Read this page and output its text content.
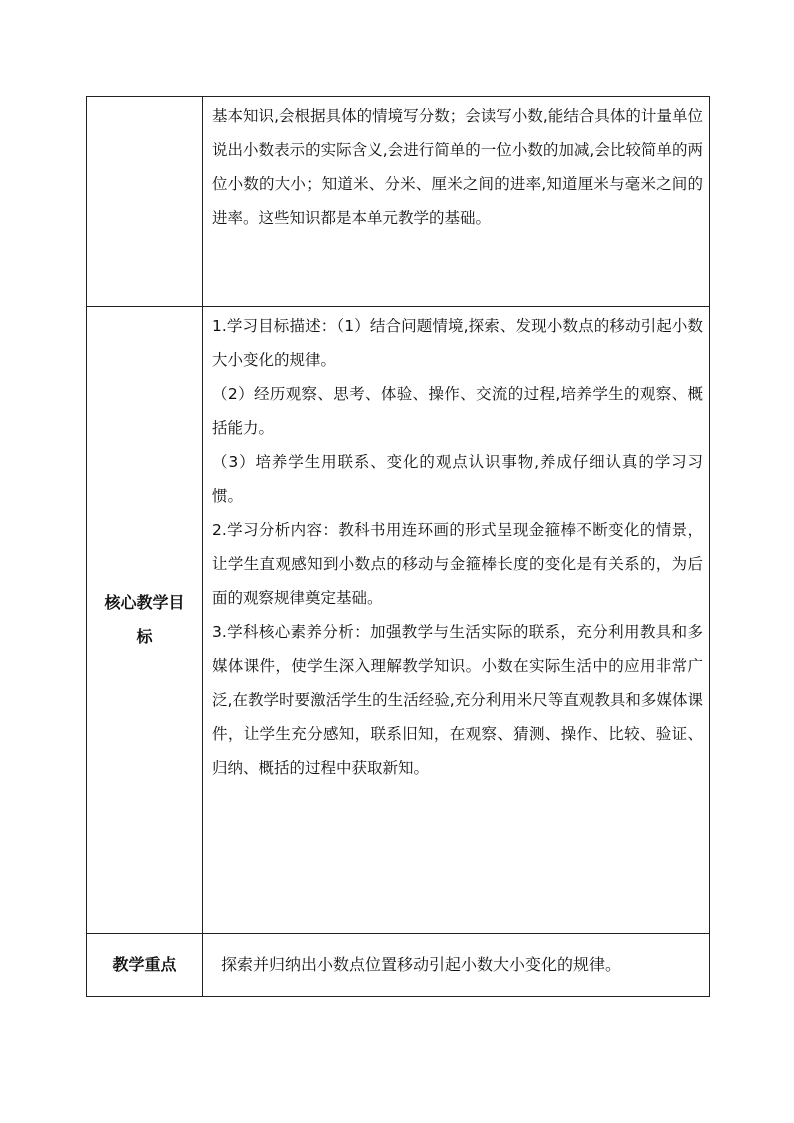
	基本知识,会根据具体的情境写分数；会读写小数,能结合具体的计量单位说出小数表示的实际含义,会进行简单的一位小数的加减,会比较简单的两位小数的大小；知道米、分米、厘米之间的进率,知道厘米与毫米之间的进率。这些知识都是本单元教学的基础。

核心教学目标	1.学习目标描述：（1）结合问题情境,探索、发现小数点的移动引起小数大小变化的规律。

（2）经历观察、思考、体验、操作、交流的过程,培养学生的观察、概括能力。

（3）培养学生用联系、变化的观点认识事物,养成仔细认真的学习习惯。

2.学习分析内容：教科书用连环画的形式呈现金箍棒不断变化的情景，让学生直观感知到小数点的移动与金箍棒长度的变化是有关系的，为后面的观察规律奠定基础。

3.学科核心素养分析：加强教学与生活实际的联系，充分利用教具和多媒体课件，使学生深入理解教学知识。小数在实际生活中的应用非常广泛,在教学时要激活学生的生活经验,充分利用米尺等直观教具和多媒体课件，让学生充分感知，联系旧知，在观察、猜测、操作、比较、验证、归纳、概括的过程中获取新知。

教学重点	探索并归纳出小数点位置移动引起小数大小变化的规律。
